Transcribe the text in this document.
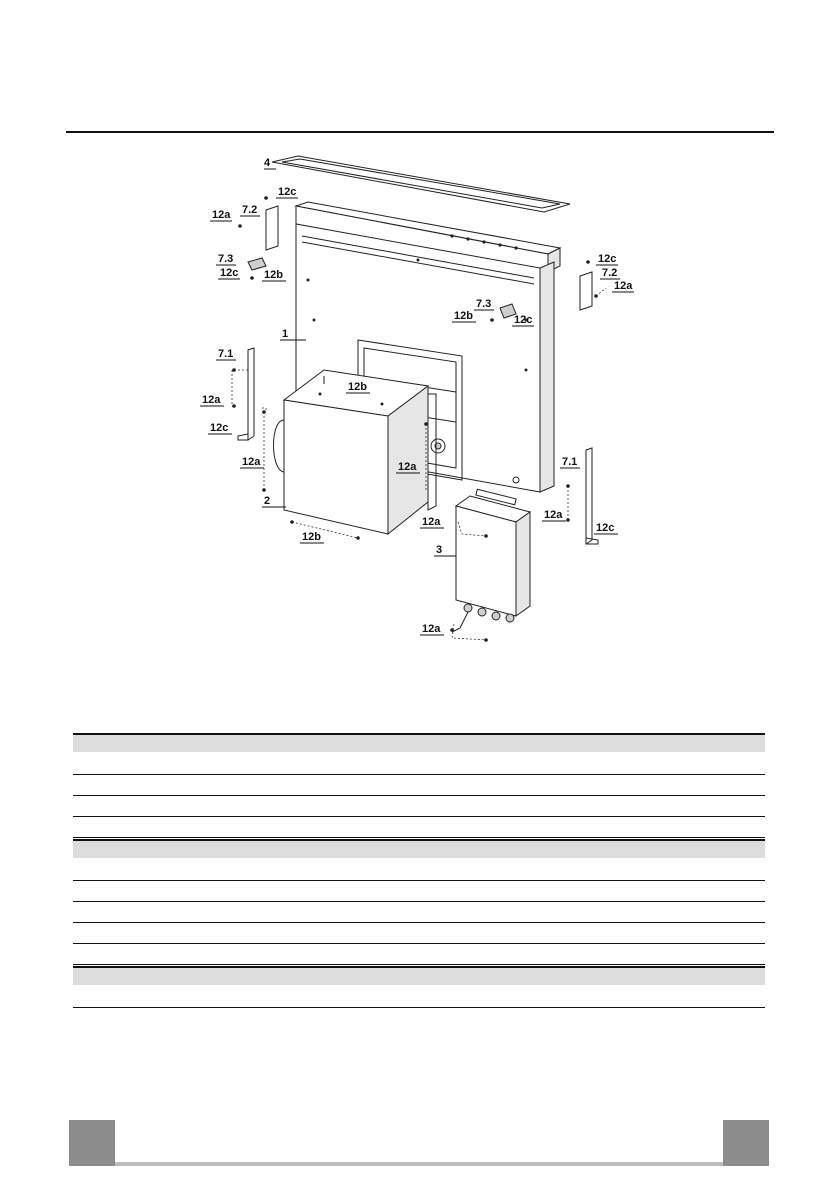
4
12c
7.2
12a
7.3
12c 12b
12c
7.2
12a
7.3
12b	12c
1
7.1
12b
12a
12c
12a	12a	7.1
2
12a
12c
12a
12b
3
12a
